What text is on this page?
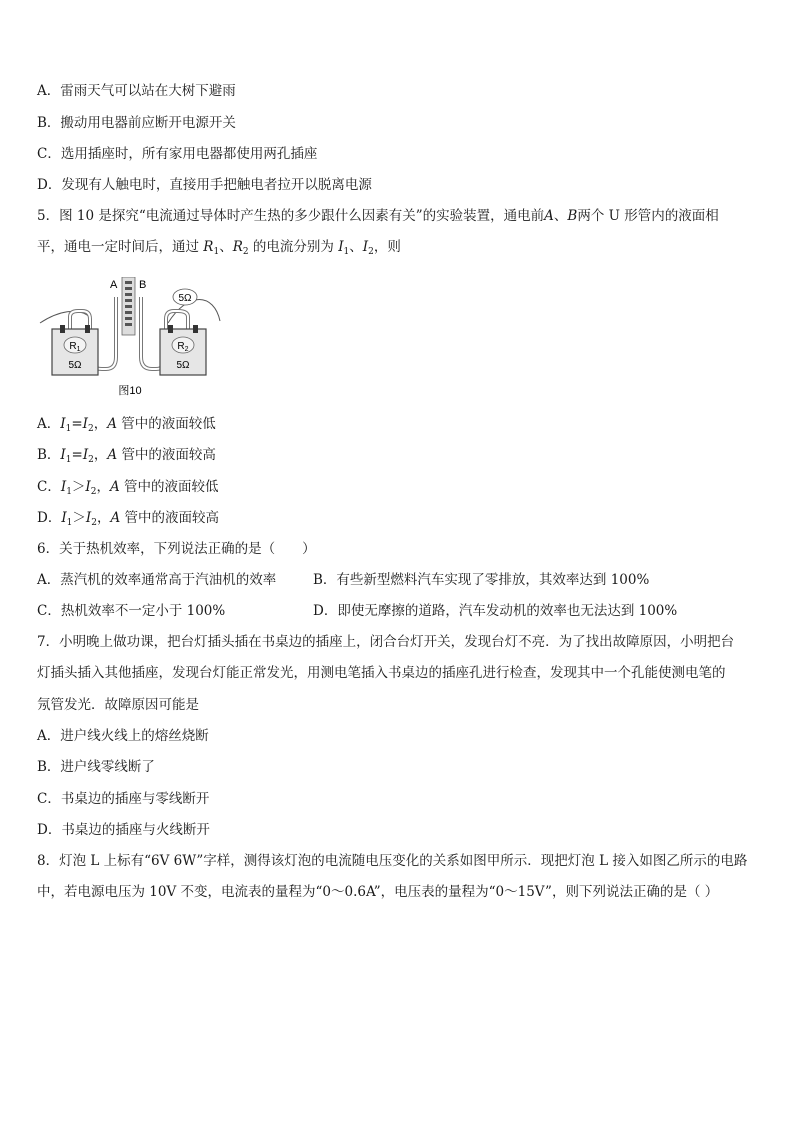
A．雷雨天气可以站在大树下避雨
B．搬动用电器前应断开电源开关
C．选用插座时，所有家用电器都使用两孔插座
D．发现有人触电时，直接用手把触电者拉开以脱离电源
5．图 10 是探究“电流通过导体时产生热的多少跟什么因素有关”的实验装置，通电前A、B两个 U 形管内的液面相
平，通电一定时间后，通过 $R_1$、$R_2$ 的电流分别为 $I_1$、$I_2$，则
5Ω
A B
$R_1$
5Ω
$R_2$
5Ω
图10
A．$I_1=I_2$，A 管中的液面较低
B．$I_1=I_2$，A 管中的液面较高
C．$I_1>I_2$，A 管中的液面较低
D．$I_1>I_2$，A 管中的液面较高
6．关于热机效率，下列说法正确的是（　　）
A．蒸汽机的效率通常高于汽油机的效率	B．有些新型燃料汽车实现了零排放，其效率达到 100%
C．热机效率不一定小于 100%	D．即使无摩擦的道路，汽车发动机的效率也无法达到 100%
7．小明晚上做功课，把台灯插头插在书桌边的插座上，闭合台灯开关，发现台灯不亮．为了找出故障原因，小明把台
灯插头插入其他插座，发现台灯能正常发光，用测电笔插入书桌边的插座孔进行检查，发现其中一个孔能使测电笔的
氖管发光．故障原因可能是
A．进户线火线上的熔丝烧断
B．进户线零线断了
C．书桌边的插座与零线断开
D．书桌边的插座与火线断开
8．灯泡 L 上标有“6V 6W”字样，测得该灯泡的电流随电压变化的关系如图甲所示．现把灯泡 L 接入如图乙所示的电路
中，若电源电压为 10V 不变，电流表的量程为“0～0.6A”，电压表的量程为“0～15V”，则下列说法正确的是（ ）
